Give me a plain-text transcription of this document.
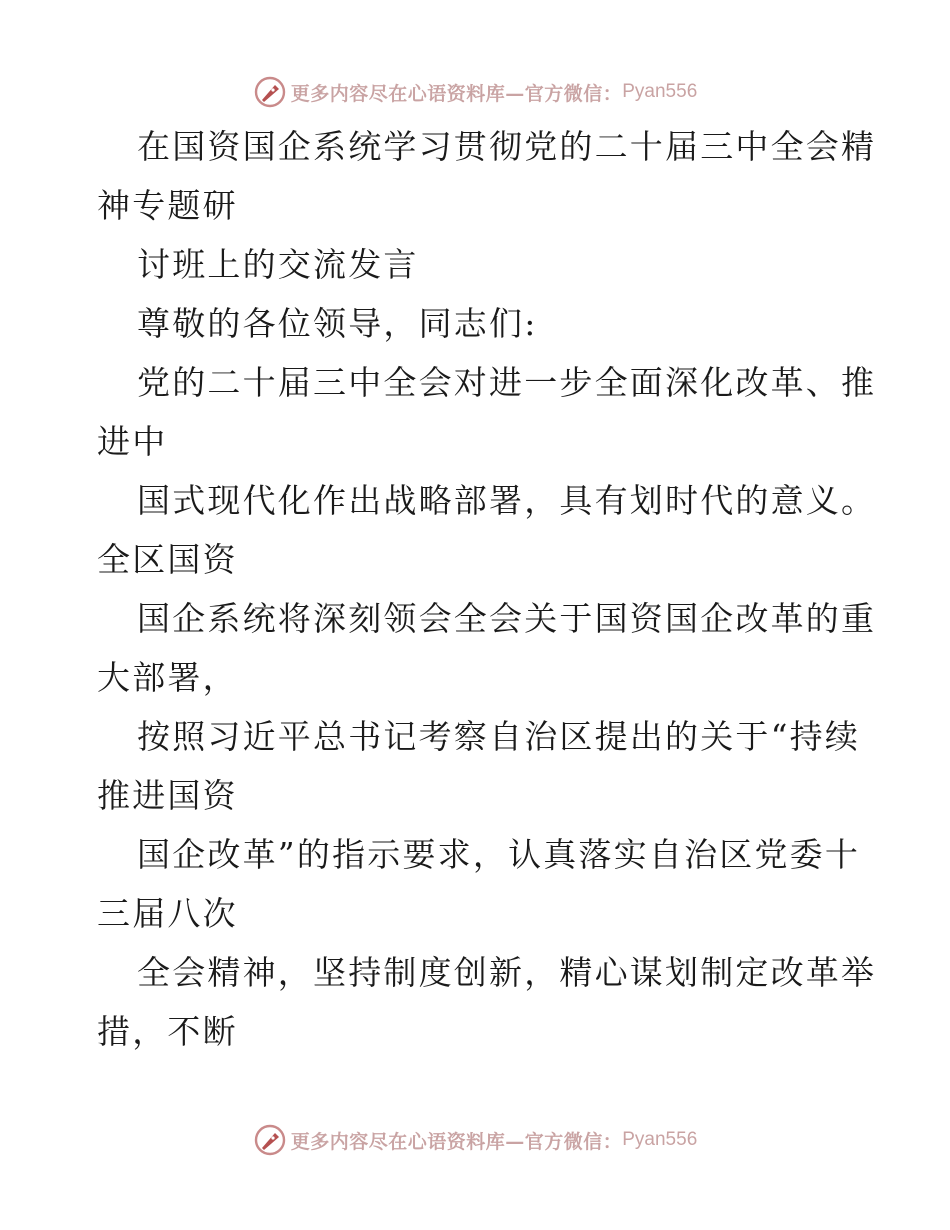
更多内容尽在心语资料库—官方微信： Pyan556
在国资国企系统学习贯彻党的二十届三中全会精
神专题研
讨班上的交流发言
尊敬的各位领导，同志们:
党的二十届三中全会对进一步全面深化改革、推
进中
国式现代化作出战略部署，具有划时代的意义。
全区国资
国企系统将深刻领会全会关于国资国企改革的重
大部署，
按照习近平总书记考察自治区提出的关于“持续
推进国资
国企改革”的指示要求，认真落实自治区党委十
三届八次
全会精神，坚持制度创新，精心谋划制定改革举
措，不断
更多内容尽在心语资料库—官方微信： Pyan556
